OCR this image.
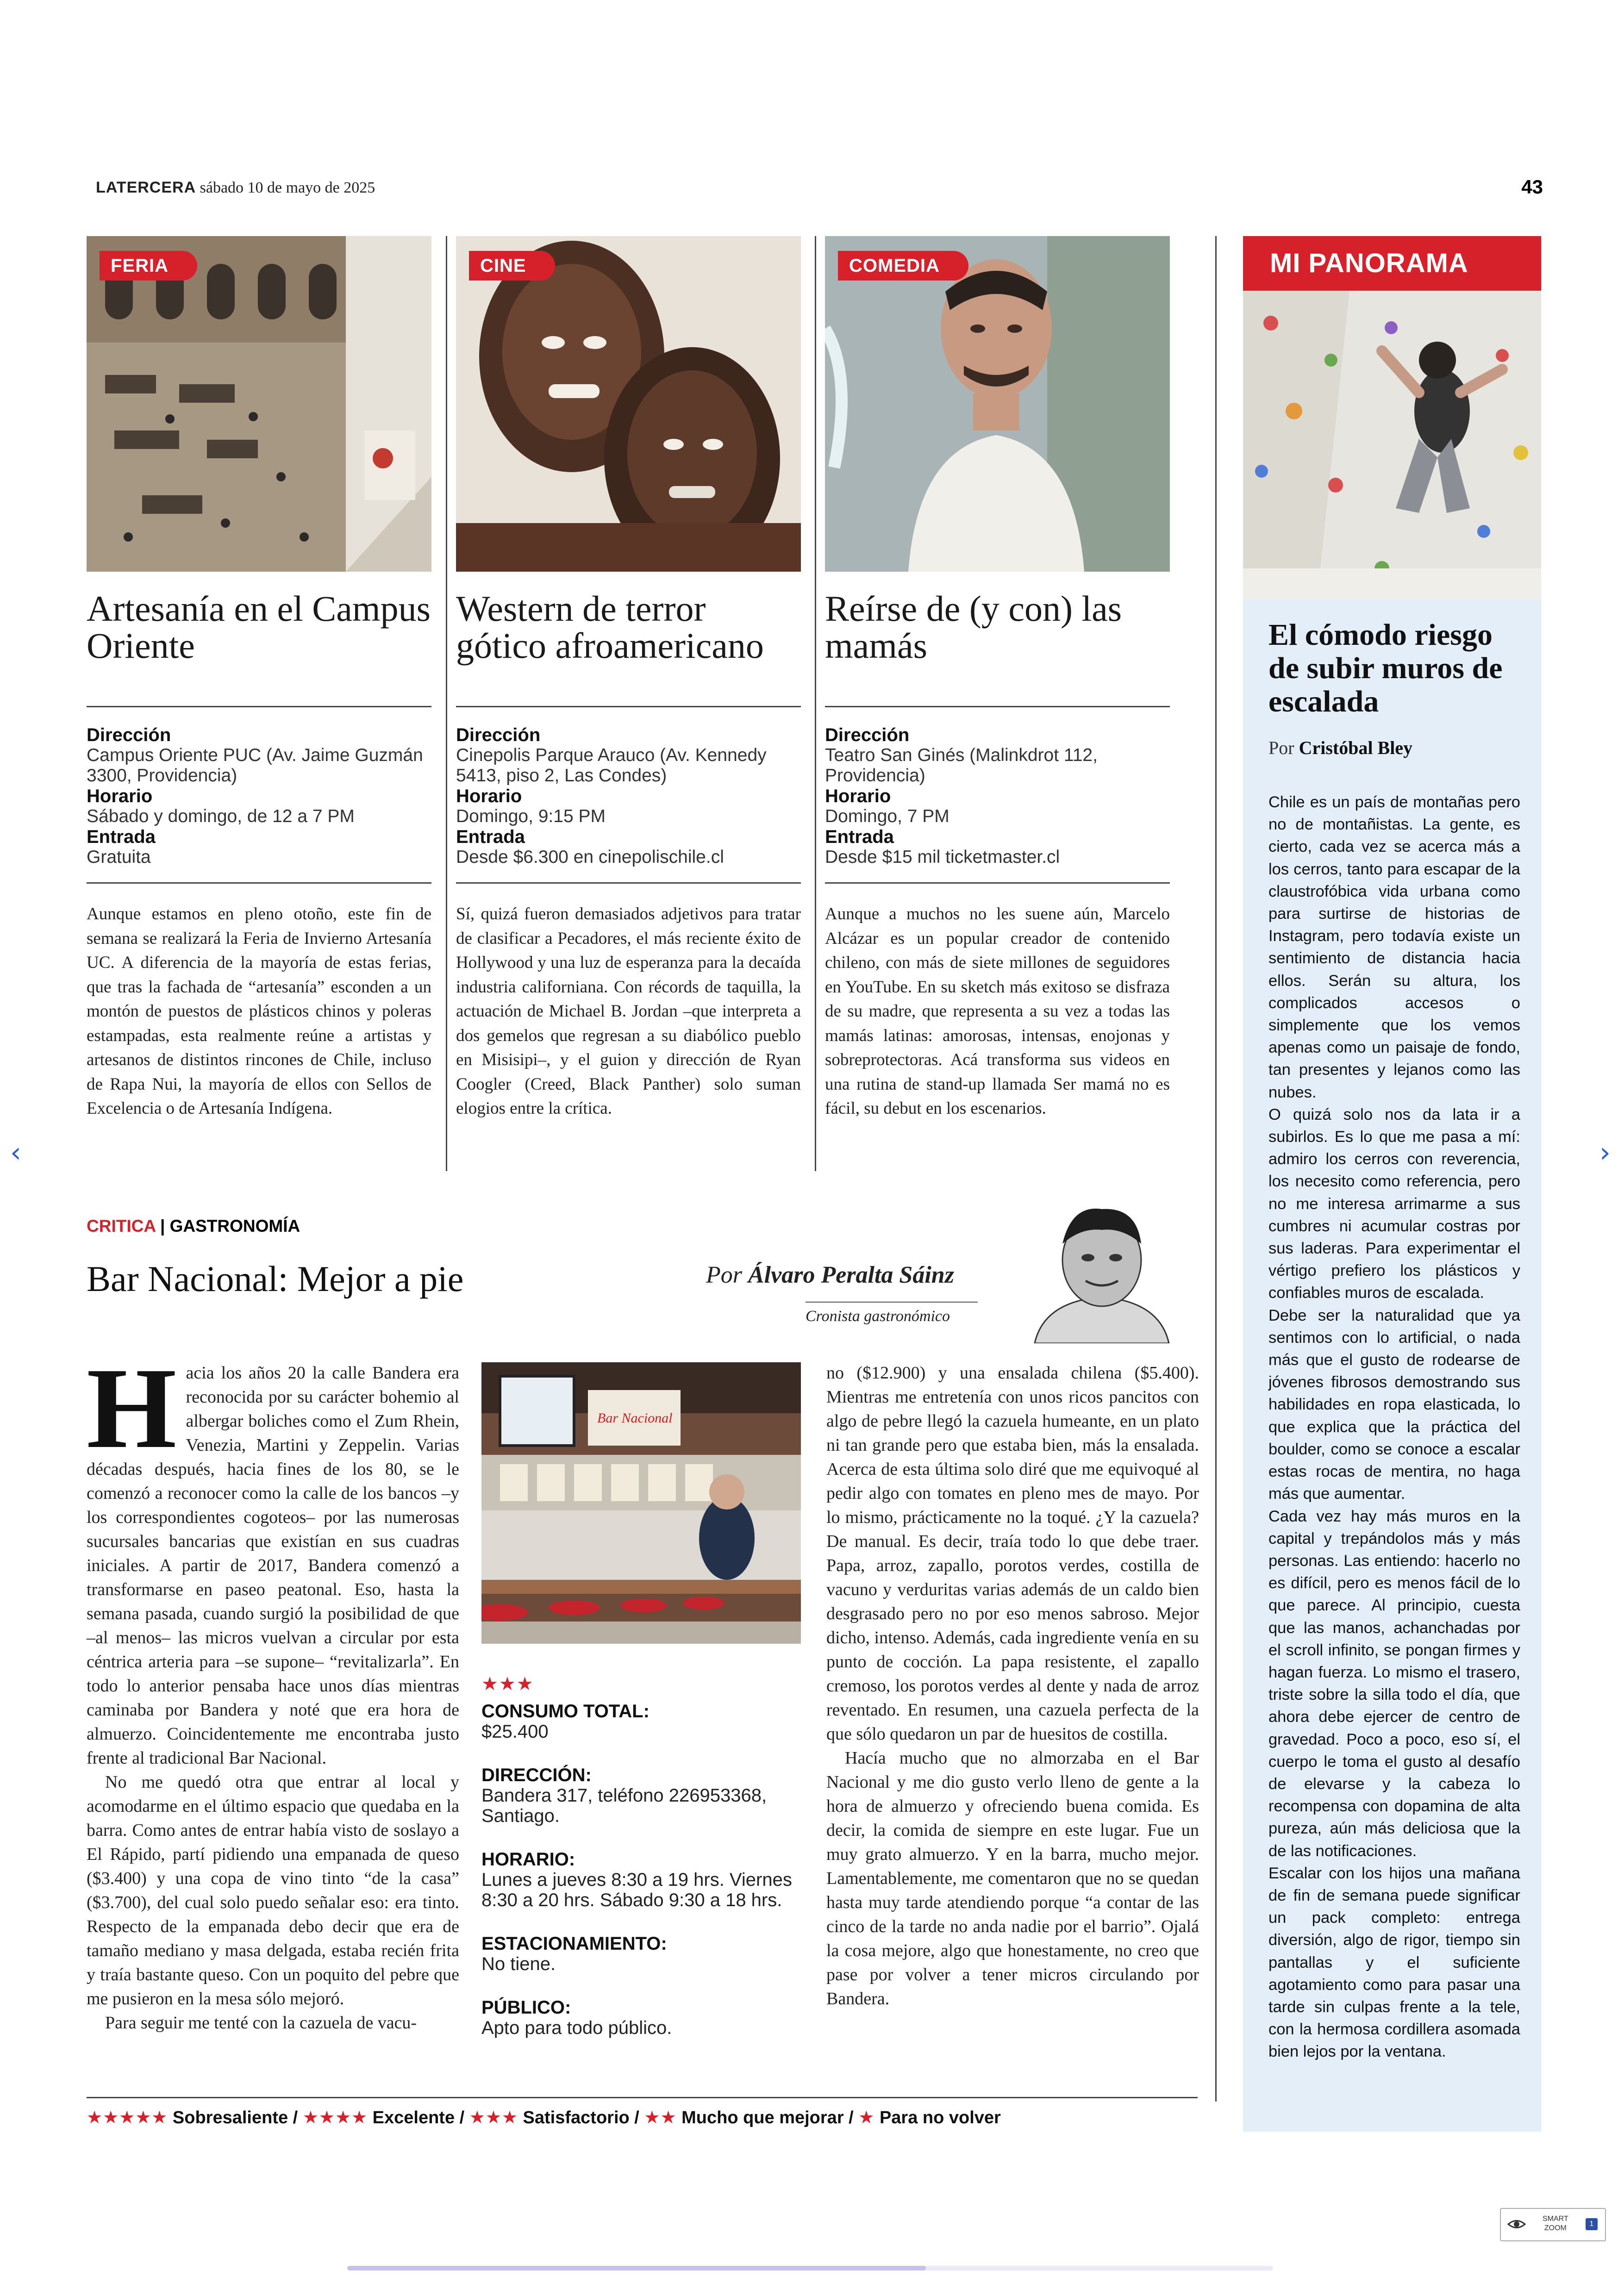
LATERCERA sábado 10 de mayo de 2025	43
FERIA
Artesanía en el Campus Oriente
Dirección
Campus Oriente PUC (Av. Jaime Guzmán 3300, Providencia)
Horario
Sábado y domingo, de 12 a 7 PM
Entrada
Gratuita
Aunque estamos en pleno otoño, este fin de semana se realizará la Feria de Invierno Artesanía UC. A diferencia de la mayoría de estas ferias, que tras la fachada de “artesanía” esconden a un montón de puestos de plásticos chinos y poleras estampadas, esta realmente reúne a artistas y artesanos de distintos rincones de Chile, incluso de Rapa Nui, la mayoría de ellos con Sellos de Excelencia o de Artesanía Indígena.
CINE
Western de terror gótico afroamericano
Dirección
Cinepolis Parque Arauco (Av. Kennedy 5413, piso 2, Las Condes)
Horario
Domingo, 9:15 PM
Entrada
Desde $6.300 en cinepolischile.cl
Sí, quizá fueron demasiados adjetivos para tratar de clasificar a Pecadores, el más reciente éxito de Hollywood y una luz de esperanza para la decaída industria californiana. Con récords de taquilla, la actuación de Michael B. Jordan –que interpreta a dos gemelos que regresan a su diabólico pueblo en Misisipi–, y el guion y dirección de Ryan Coogler (Creed, Black Panther) solo suman elogios entre la crítica.
COMEDIA
Reírse de (y con) las mamás
Dirección
Teatro San Ginés (Malinkdrot 112, Providencia)
Horario
Domingo, 7 PM
Entrada
Desde $15 mil ticketmaster.cl
Aunque a muchos no les suene aún, Marcelo Alcázar es un popular creador de contenido chileno, con más de siete millones de seguidores en YouTube. En su sketch más exitoso se disfraza de su madre, que representa a su vez a todas las mamás latinas: amorosas, intensas, enojonas y sobreprotectoras. Acá transforma sus videos en una rutina de stand-up llamada Ser mamá no es fácil, su debut en los escenarios.
MI PANORAMA
El cómodo riesgo de subir muros de escalada
Por Cristóbal Bley

Chile es un país de montañas pero no de montañistas. La gente, es cierto, cada vez se acerca más a los cerros, tanto para escapar de la claustrofóbica vida urbana como para surtirse de historias de Instagram, pero todavía existe un sentimiento de distancia hacia ellos. Serán su altura, los complicados accesos o simplemente que los vemos apenas como un paisaje de fondo, tan presentes y lejanos como las nubes.

O quizá solo nos da lata ir a subirlos. Es lo que me pasa a mí: admiro los cerros con reverencia, los necesito como referencia, pero no me interesa arrimarme a sus cumbres ni acumular costras por sus laderas. Para experimentar el vértigo prefiero los plásticos y confiables muros de escalada.

Debe ser la naturalidad que ya sentimos con lo artificial, o nada más que el gusto de rodearse de jóvenes fibrosos demostrando sus habilidades en ropa elasticada, lo que explica que la práctica del boulder, como se conoce a escalar estas rocas de mentira, no haga más que aumentar.

Cada vez hay más muros en la capital y trepándolos más y más personas. Las entiendo: hacerlo no es difícil, pero es menos fácil de lo que parece. Al principio, cuesta que las manos, achanchadas por el scroll infinito, se pongan firmes y hagan fuerza. Lo mismo el trasero, triste sobre la silla todo el día, que ahora debe ejercer de centro de gravedad. Poco a poco, eso sí, el cuerpo le toma el gusto al desafío de elevarse y la cabeza lo recompensa con dopamina de alta pureza, aún más deliciosa que la de las notificaciones.

Escalar con los hijos una mañana de fin de semana puede significar un pack completo: entrega diversión, algo de rigor, tiempo sin pantallas y el suficiente agotamiento como para pasar una tarde sin culpas frente a la tele, con la hermosa cordillera asomada bien lejos por la ventana.

CRITICA | GASTRONOMÍA
Bar Nacional: Mejor a pie	Por Álvaro Peralta Sáinz
Cronista gastronómico

Hacia los años 20 la calle Bandera era reconocida por su carácter bohemio al albergar boliches como el Zum Rhein, Venezia, Martini y Zeppelin. Varias décadas después, hacia fines de los 80, se le comenzó a reconocer como la calle de los bancos –y los correspondientes cogoteos– por las numerosas sucursales bancarias que existían en sus cuadras iniciales. A partir de 2017, Bandera comenzó a transformarse en paseo peatonal. Eso, hasta la semana pasada, cuando surgió la posibilidad de que –al menos– las micros vuelvan a circular por esta céntrica arteria para –se supone– “revitalizarla”. En todo lo anterior pensaba hace unos días mientras caminaba por Bandera y noté que era hora de almuerzo. Coincidentemente me encontraba justo frente al tradicional Bar Nacional.

No me quedó otra que entrar al local y acomodarme en el último espacio que quedaba en la barra. Como antes de entrar había visto de soslayo a El Rápido, partí pidiendo una empanada de queso ($3.400) y una copa de vino tinto “de la casa” ($3.700), del cual solo puedo señalar eso: era tinto. Respecto de la empanada debo decir que era de tamaño mediano y masa delgada, estaba recién frita y traía bastante queso. Con un poquito del pebre que me pusieron en la mesa sólo mejoró.

Para seguir me tenté con la cazuela de vacu-

Bar Nacional
★★★
CONSUMO TOTAL:
$25.400
DIRECCIÓN:
Bandera 317, teléfono 226953368, Santiago.
HORARIO:
Lunes a jueves 8:30 a 19 hrs. Viernes 8:30 a 20 hrs. Sábado 9:30 a 18 hrs.
ESTACIONAMIENTO:
No tiene.
PÚBLICO:
Apto para todo público.

no ($12.900) y una ensalada chilena ($5.400). Mientras me entretenía con unos ricos pancitos con algo de pebre llegó la cazuela humeante, en un plato ni tan grande pero que estaba bien, más la ensalada. Acerca de esta última solo diré que me equivoqué al pedir algo con tomates en pleno mes de mayo. Por lo mismo, prácticamente no la toqué. ¿Y la cazuela? De manual. Es decir, traía todo lo que debe traer. Papa, arroz, zapallo, porotos verdes, costilla de vacuno y verduritas varias además de un caldo bien desgrasado pero no por eso menos sabroso. Mejor dicho, intenso. Además, cada ingrediente venía en su punto de cocción. La papa resistente, el zapallo cremoso, los porotos verdes al dente y nada de arroz reventado. En resumen, una cazuela perfecta de la que sólo quedaron un par de huesitos de costilla.

Hacía mucho que no almorzaba en el Bar Nacional y me dio gusto verlo lleno de gente a la hora de almuerzo y ofreciendo buena comida. Es decir, la comida de siempre en este lugar. Fue un muy grato almuerzo. Y en la barra, mucho mejor. Lamentablemente, me comentaron que no se quedan hasta muy tarde atendiendo porque “a contar de las cinco de la tarde no anda nadie por el barrio”. Ojalá la cosa mejore, algo que honestamente, no creo que pase por volver a tener micros circulando por Bandera.

★★★★★ Sobresaliente / ★★★★ Excelente / ★★★ Satisfactorio / ★★ Mucho que mejorar / ★ Para no volver
‹	›
SMART
ZOOM
1
